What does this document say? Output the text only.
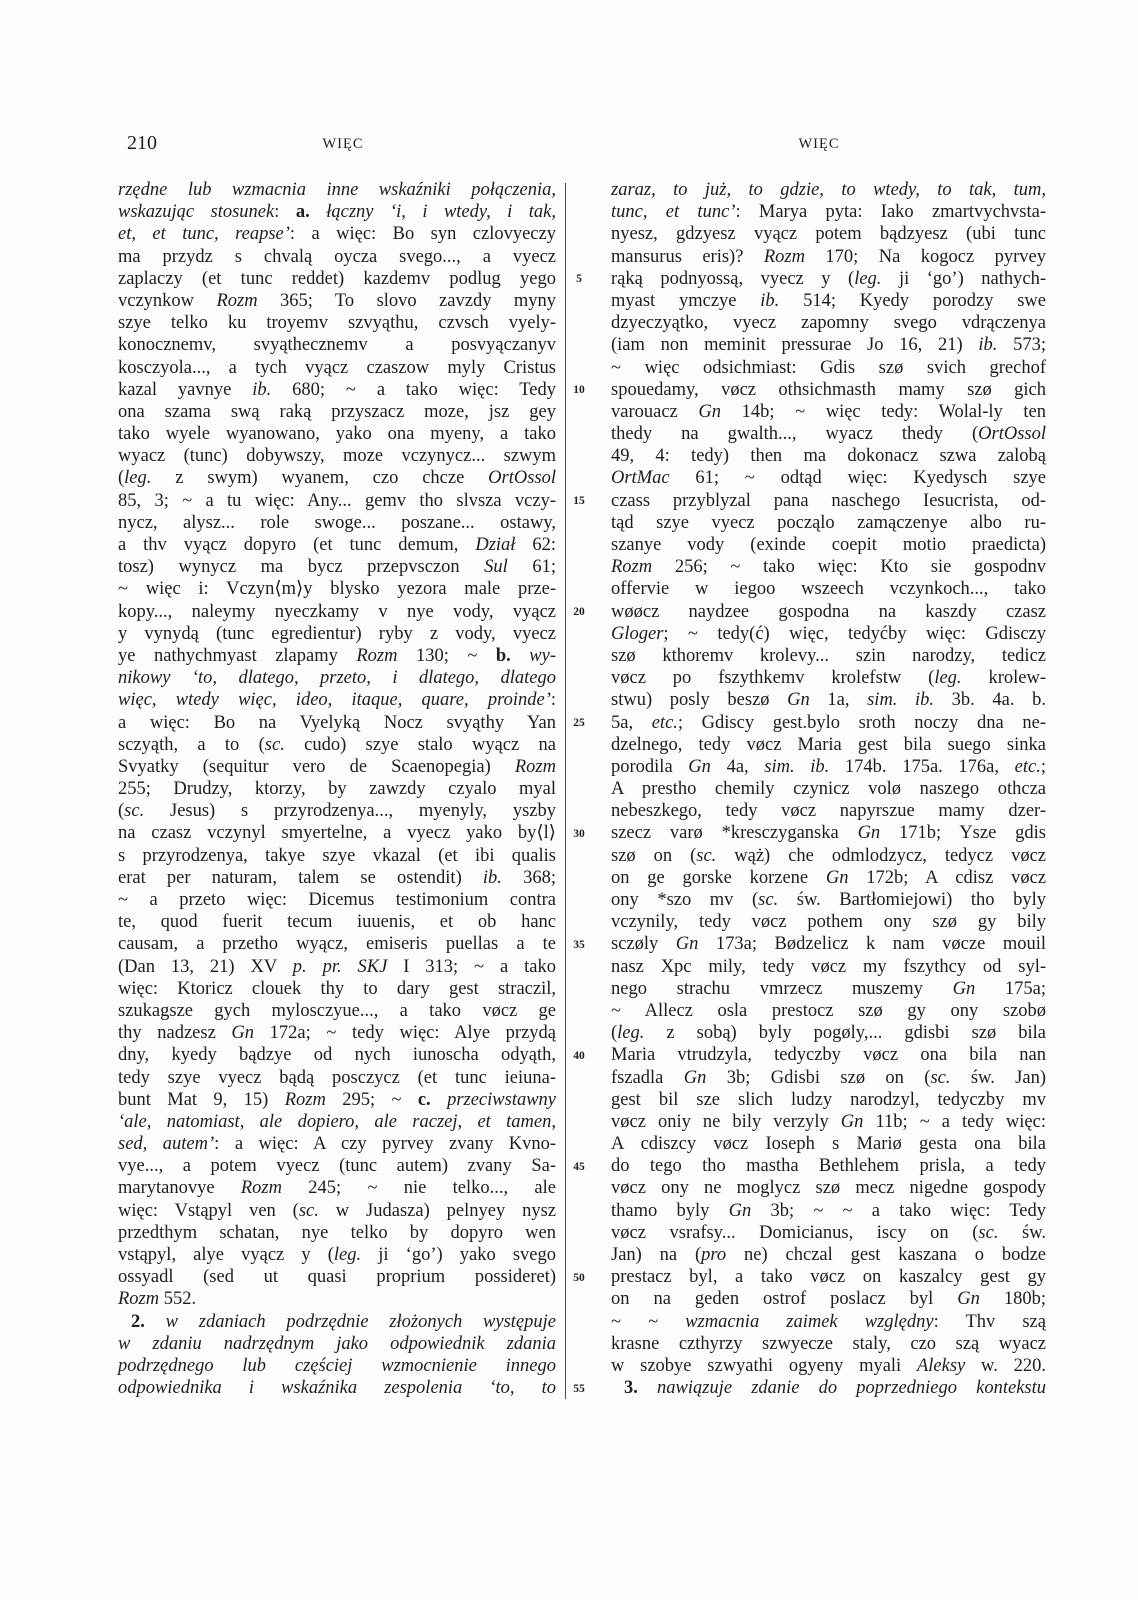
210	WIĘC	WIĘC
rzędne lub wzmacnia inne wskaźniki połączenia,
wskazując stosunek: a. łączny ‘i, i wtedy, i tak,
et, et tunc, reapse’: a więc: Bo syn czlovyeczy
ma przydz s chvalą oycza svego..., a vyecz
zaplaczy (et tunc reddet) kazdemv podlug yego
vczynkow Rozm 365; To slovo zavzdy myny
szye telko ku troyemv szvyąthu, czvsch vyely-
konocznemv, svyąthecznemv a posvyączanyv
kosczyola..., a tych vyącz czaszow myly Cristus
kazal yavnye ib. 680; ~ a tako więc: Tedy
ona szama swą raką przyszacz moze, jsz gey
tako wyele wyanowano, yako ona myeny, a tako
wyacz (tunc) dobywszy, moze vczynycz... szwym
(leg. z swym) wyanem, czo chcze OrtOssol
85, 3; ~ a tu więc: Any... gemv tho slvsza vczy-
nycz, alysz... role swoge... poszane... ostawy,
a thv vyącz dopyro (et tunc demum, Dział 62:
tosz) wynycz ma bycz przepvsczon Sul 61;
~ więc i: Vczyn⟨m⟩y blysko yezora male prze-
kopy..., naleymy nyeczkamy v nye vody, vyącz
y vynydą (tunc egredientur) ryby z vody, vyecz
ye nathychmyast zlapamy Rozm 130; ~ b. wy-
nikowy ‘to, dlatego, przeto, i dlatego, dlatego
więc, wtedy więc, ideo, itaque, quare, proinde’:
a więc: Bo na Vyelyką Nocz svyąthy Yan
sczyąth, a to (sc. cudo) szye stalo wyącz na
Svyatky (sequitur vero de Scaenopegia) Rozm
255; Drudzy, ktorzy, by zawzdy czyalo myal
(sc. Jesus) s przyrodzenya..., myenyly, yszby
na czasz vczynyl smyertelne, a vyecz yako by⟨l⟩
s przyrodzenya, takye szye vkazal (et ibi qualis
erat per naturam, talem se ostendit) ib. 368;
~ a przeto więc: Dicemus testimonium contra
te, quod fuerit tecum iuuenis, et ob hanc
causam, a przetho wyącz, emiseris puellas a te
(Dan 13, 21) XV p. pr. SKJ I 313; ~ a tako
więc: Ktoricz clouek thy to dary gest straczil,
szukagsze gych mylosczyue..., a tako vøcz ge
thy nadzesz Gn 172a; ~ tedy więc: Alye przydą
dny, kyedy bądzye od nych iunoscha odyąth,
tedy szye vyecz bądą posczycz (et tunc ieiuna-
bunt Mat 9, 15) Rozm 295; ~ c. przeciwstawny
‘ale, natomiast, ale dopiero, ale raczej, et tamen,
sed, autem’: a więc: A czy pyrvey zvany Kvno-
vye..., a potem vyecz (tunc autem) zvany Sa-
marytanovye Rozm 245; ~ nie telko..., ale
więc: Vstąpyl ven (sc. w Judasza) pelnyey nysz
przedthym schatan, nye telko by dopyro wen
vstąpyl, alye vyącz y (leg. ji ‘go’) yako svego
ossyadl (sed ut quasi proprium possideret)
Rozm 552.
2. w zdaniach podrzędnie złożonych występuje
w zdaniu nadrzędnym jako odpowiednik zdania
podrzędnego lub częściej wzmocnienie innego
odpowiednika i wskaźnika zespolenia ‘to, to
5
10
15
20
25
30
35
40
45
50
55
zaraz, to już, to gdzie, to wtedy, to tak, tum,
tunc, et tunc’: Marya pyta: Iako zmartvychvsta-
nyesz, gdzyesz vyącz potem bądzyesz (ubi tunc
mansurus eris)? Rozm 170; Na kogocz pyrvey
rąką podnyossą, vyecz y (leg. ji ‘go’) nathych-
myast ymczye ib. 514; Kyedy porodzy swe
dzyeczyątko, vyecz zapomny svego vdrączenya
(iam non meminit pressurae Jo 16, 21) ib. 573;
~ więc odsichmiast: Gdis szø svich grechof
spouedamy, vøcz othsichmasth mamy szø gich
varouacz Gn 14b; ~ więc tedy: Wolal-ly ten
thedy na gwalth..., wyacz thedy (OrtOssol
49, 4: tedy) then ma dokonacz szwa zalobą
OrtMac 61; ~ odtąd więc: Kyedysch szye
czass przyblyzal pana naschego Iesucrista, od-
tąd szye vyecz począlo zamączenye albo ru-
szanye vody (exinde coepit motio praedicta)
Rozm 256; ~ tako więc: Kto sie gospodnv
offervie w iegoo wszeech vczynkoch..., tako
wøøcz naydzee gospodna na kaszdy czasz
Gloger; ~ tedy(ć) więc, tedyćby więc: Gdisczy
szø kthoremv krolevy... szin narodzy, tedicz
vøcz po fszythkemv krolefstw (leg. krolew-
stwu) posly beszø Gn 1a, sim. ib. 3b. 4a. b.
5a, etc.; Gdiscy gest.bylo sroth noczy dna ne-
dzelnego, tedy vøcz Maria gest bila suego sinka
porodila Gn 4a, sim. ib. 174b. 175a. 176a, etc.;
A prestho chemily czynicz volø naszego othcza
nebeszkego, tedy vøcz napyrszue mamy dzer-
szecz varø *kresczyganska Gn 171b; Ysze gdis
szø on (sc. wąż) che odmlodzycz, tedycz vøcz
on ge gorske korzene Gn 172b; A cdisz vøcz
ony *szo mv (sc. św. Bartłomiejowi) tho byly
vczynily, tedy vøcz pothem ony szø gy bily
sczøly Gn 173a; Bødzelicz k nam vøcze mouil
nasz Xpc mily, tedy vøcz my fszythcy od syl-
nego strachu vmrzecz muszemy Gn 175a;
~ Allecz osla prestocz szø gy ony szobø
(leg. z sobą) byly pogøly,... gdisbi szø bila
Maria vtrudzyla, tedyczby vøcz ona bila nan
fszadla Gn 3b; Gdisbi szø on (sc. św. Jan)
gest bil sze slich ludzy narodzyl, tedyczby mv
vøcz oniy ne bily verzyly Gn 11b; ~ a tedy więc:
A cdiszcy vøcz Ioseph s Mariø gesta ona bila
do tego tho mastha Bethlehem prisla, a tedy
vøcz ony ne moglycz szø mecz nigedne gospody
thamo byly Gn 3b; ~ ~ a tako więc: Tedy
vøcz vsrafsy... Domicianus, iscy on (sc. św.
Jan) na (pro ne) chczal gest kaszana o bodze
prestacz byl, a tako vøcz on kaszalcy gest gy
on na geden ostrof poslacz byl Gn 180b;
~ ~ wzmacnia zaimek względny: Thv szą
krasne czthyrzy szwyecze staly, czo szą wyacz
w szobye szwyathi ogyeny myali Aleksy w. 220.
3. nawiązuje zdanie do poprzedniego kontekstu
